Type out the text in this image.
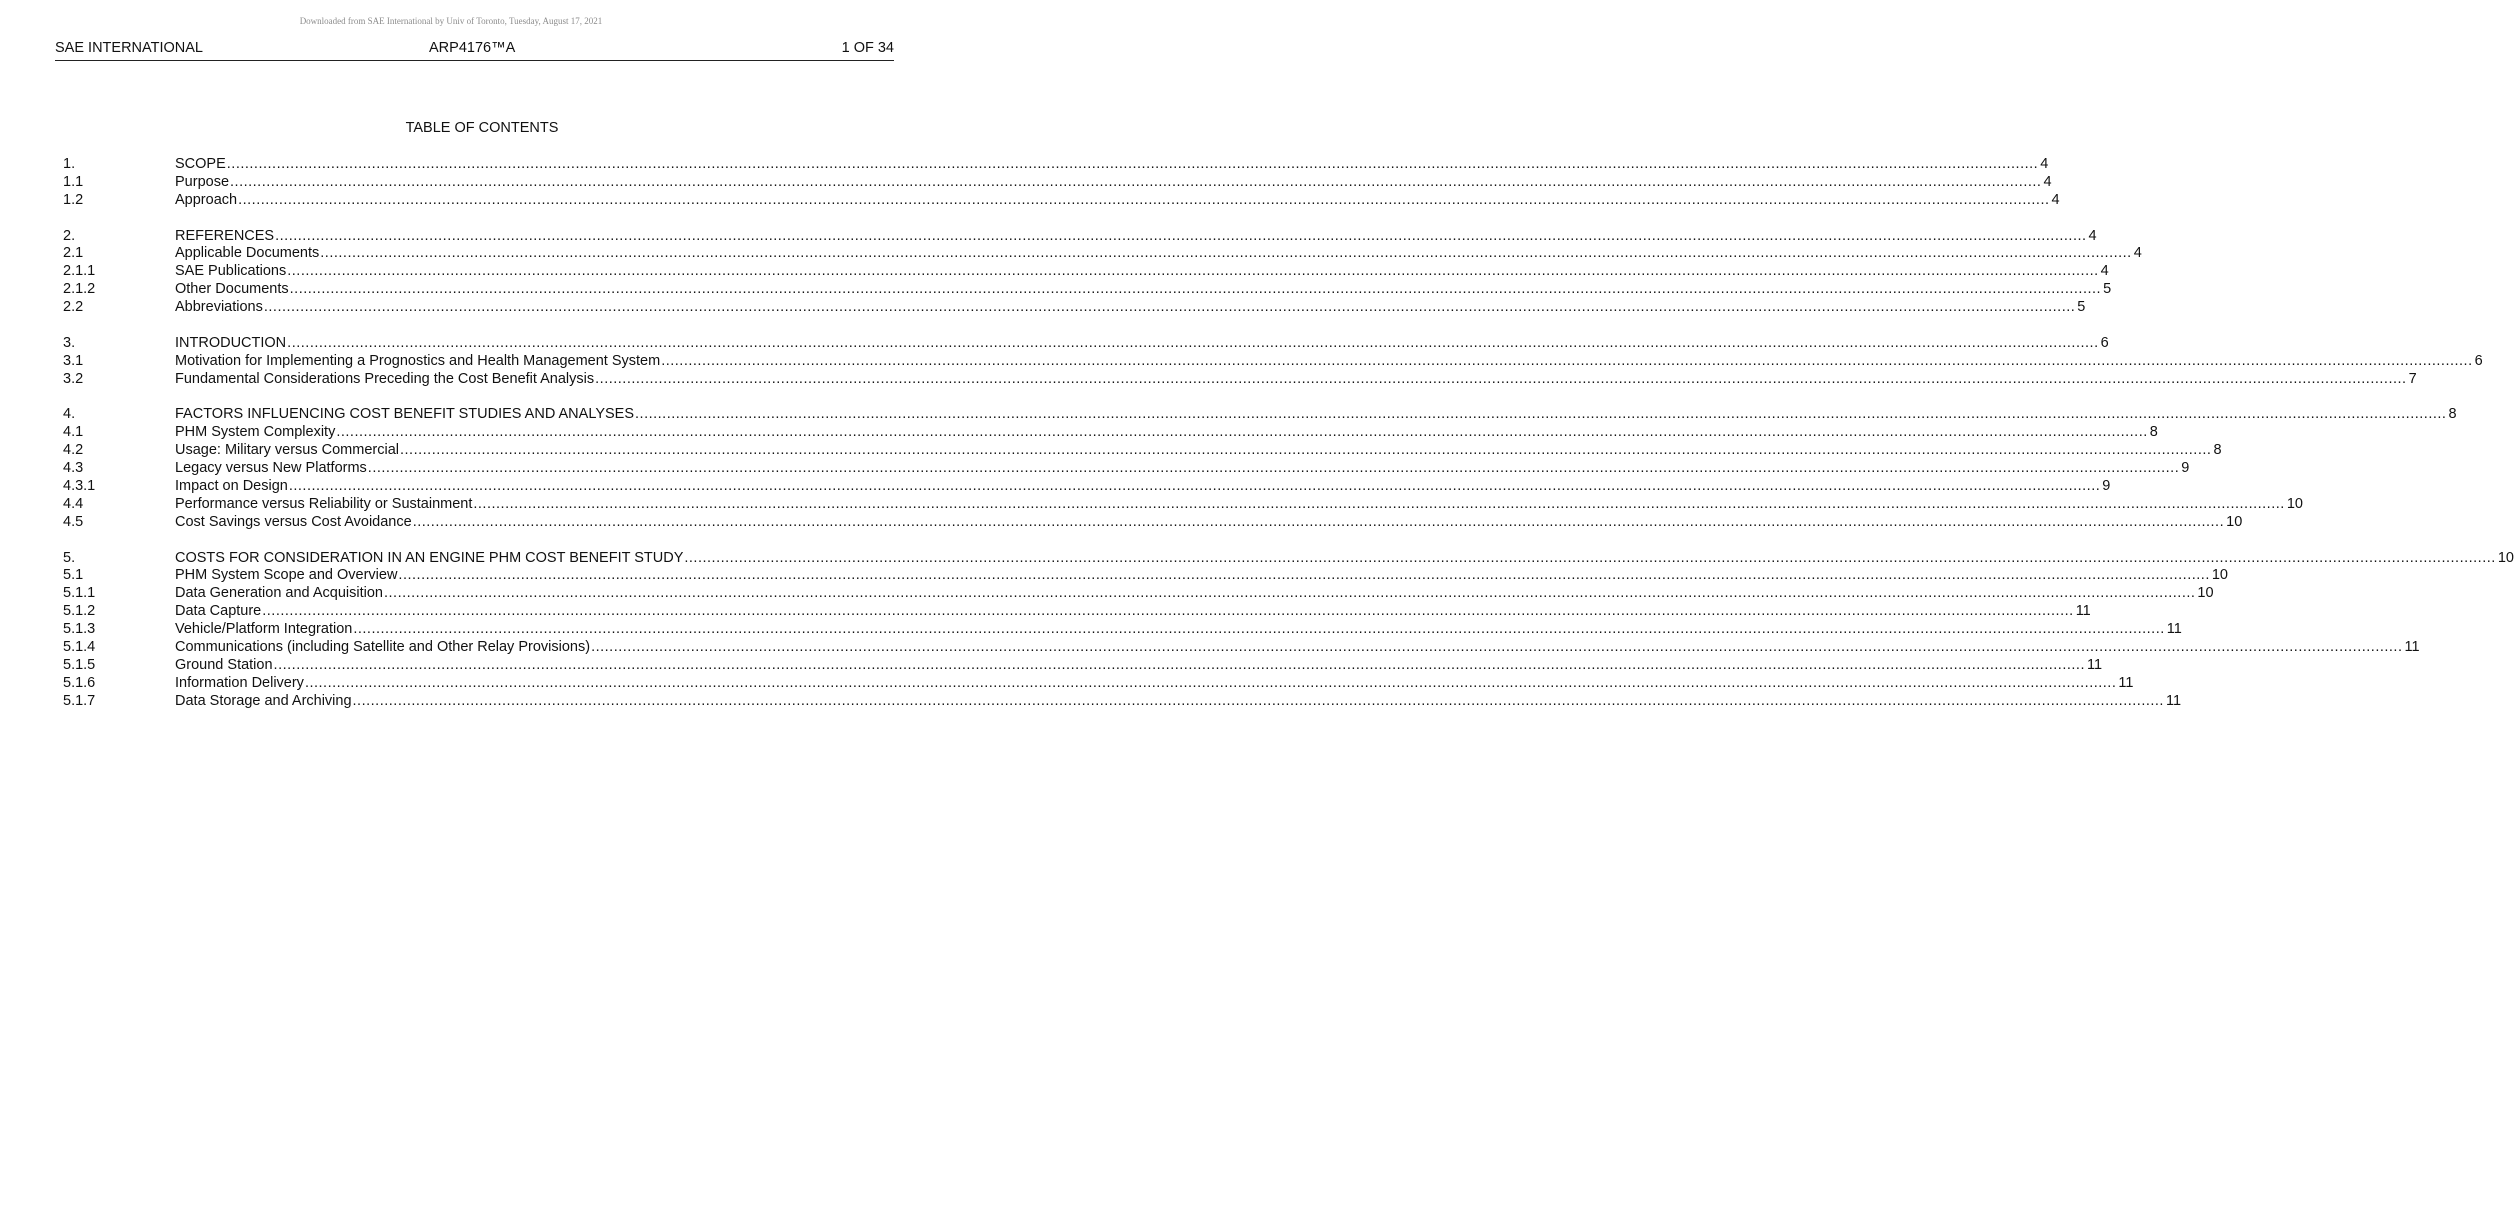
Downloaded from SAE International by Univ of Toronto, Tuesday, August 17, 2021
SAE INTERNATIONAL	ARP4176™A	1 OF 34
TABLE OF CONTENTS
1.	SCOPE ................................................................................................................................................................................................................................................................................................................................................................................................................ 4
1.1	Purpose ................................................................................................................................................................................................................................................................................................................................................................................................................ 4
1.2	Approach ................................................................................................................................................................................................................................................................................................................................................................................................................ 4
2.	REFERENCES ................................................................................................................................................................................................................................................................................................................................................................................................................ 4
2.1	Applicable Documents ................................................................................................................................................................................................................................................................................................................................................................................................................ 4
2.1.1	SAE Publications ................................................................................................................................................................................................................................................................................................................................................................................................................ 4
2.1.2	Other Documents ................................................................................................................................................................................................................................................................................................................................................................................................................ 5
2.2	Abbreviations ................................................................................................................................................................................................................................................................................................................................................................................................................ 5
3.	INTRODUCTION ................................................................................................................................................................................................................................................................................................................................................................................................................ 6
3.1	Motivation for Implementing a Prognostics and Health Management System ................................................................................................................................................................................................................................................................................................................................................................................................................ 6
3.2	Fundamental Considerations Preceding the Cost Benefit Analysis ................................................................................................................................................................................................................................................................................................................................................................................................................ 7
4.	FACTORS INFLUENCING COST BENEFIT STUDIES AND ANALYSES ................................................................................................................................................................................................................................................................................................................................................................................................................ 8
4.1	PHM System Complexity ................................................................................................................................................................................................................................................................................................................................................................................................................ 8
4.2	Usage: Military versus Commercial ................................................................................................................................................................................................................................................................................................................................................................................................................ 8
4.3	Legacy versus New Platforms ................................................................................................................................................................................................................................................................................................................................................................................................................ 9
4.3.1	Impact on Design ................................................................................................................................................................................................................................................................................................................................................................................................................ 9
4.4	Performance versus Reliability or Sustainment ................................................................................................................................................................................................................................................................................................................................................................................................................ 10
4.5	Cost Savings versus Cost Avoidance ................................................................................................................................................................................................................................................................................................................................................................................................................ 10
5.	COSTS FOR CONSIDERATION IN AN ENGINE PHM COST BENEFIT STUDY ................................................................................................................................................................................................................................................................................................................................................................................................................ 10
5.1	PHM System Scope and Overview ................................................................................................................................................................................................................................................................................................................................................................................................................ 10
5.1.1	Data Generation and Acquisition ................................................................................................................................................................................................................................................................................................................................................................................................................ 10
5.1.2	Data Capture ................................................................................................................................................................................................................................................................................................................................................................................................................ 11
5.1.3	Vehicle/Platform Integration ................................................................................................................................................................................................................................................................................................................................................................................................................ 11
5.1.4	Communications (including Satellite and Other Relay Provisions) ................................................................................................................................................................................................................................................................................................................................................................................................................ 11
5.1.5	Ground Station ................................................................................................................................................................................................................................................................................................................................................................................................................ 11
5.1.6	Information Delivery ................................................................................................................................................................................................................................................................................................................................................................................................................ 11
5.1.7	Data Storage and Archiving ................................................................................................................................................................................................................................................................................................................................................................................................................ 11
